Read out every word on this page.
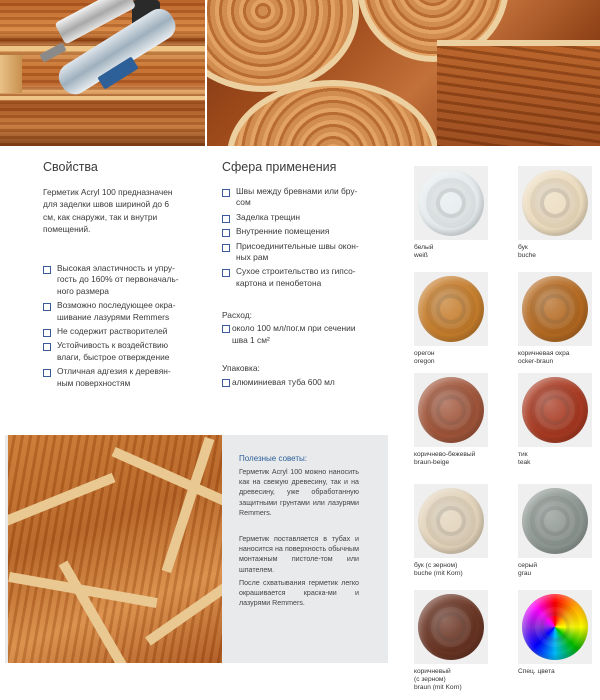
Свойства
Герметик Acryl 100 предназначен
для заделки швов шириной до 6
см, как снаружи, так и внутри
помещений.
Высокая эластичность и упру-
гость до 160% от первоначаль-
ного размера
Возможно последующее окра-
шивание лазурями Remmers
Не содержит растворителей
Устойчивость к воздействию
влаги, быстрое отверждение
Отличная адгезия к деревян-
ным поверхностям
Сфера применения
Швы между бревнами или бру-
сом
Заделка трещин
Внутренние помещения
Присоединительные швы окон-
ных рам
Сухое строительство из гипсо-
картона и пенобетона
Расход:
около 100 мл/пог.м при сечении
шва 1 см²
Упаковка:
алюминиевая туба 600 мл
Полезные советы:

Герметик Acryl 100 можно наносить как на свежую древесину, так и на древесину, уже обработанную защитными грунтами или лазурями Remmers.

Герметик поставляется в тубах и наносится на поверхность обычным монтажным пистоле-том или шпателем.

После схватывания герметик легко окрашивается краска-ми и лазурями Remmers.

белый
weiß
бук
buche
орегон
oregon
коричневая охра
ocker-braun
коричнево-бежевый
braun-beige
тик
teak
бук (с зерном)
buche (mit Korn)
серый
grau
коричневый
(с зерном)
braun (mit Korn)
Спец. цвета
